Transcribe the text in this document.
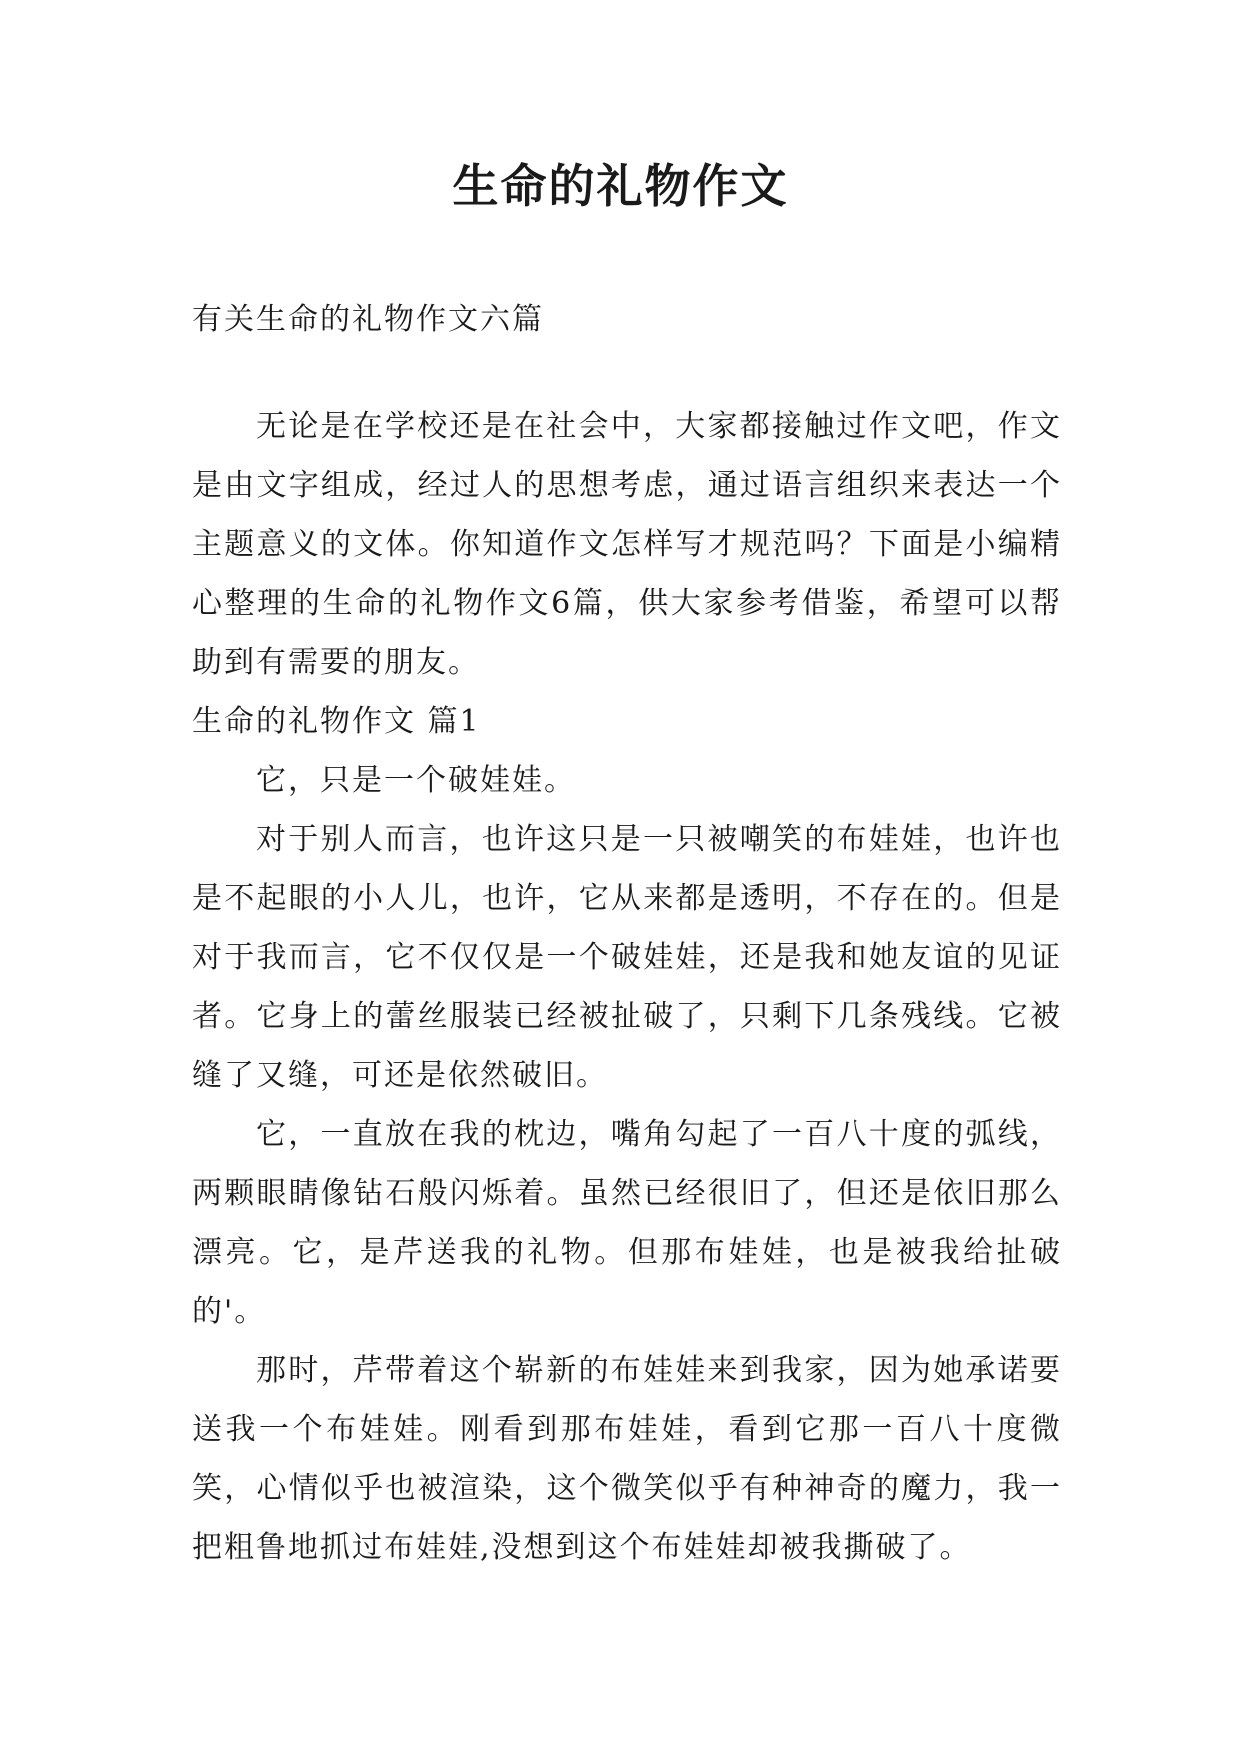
生命的礼物作文

有关生命的礼物作文六篇

无论是在学校还是在社会中，大家都接触过作文吧，作文是由文字组成，经过人的思想考虑，通过语言组织来表达一个主题意义的文体。你知道作文怎样写才规范吗？下面是小编精心整理的生命的礼物作文6篇，供大家参考借鉴，希望可以帮助到有需要的朋友。

生命的礼物作文 篇1

它，只是一个破娃娃。

对于别人而言，也许这只是一只被嘲笑的布娃娃，也许也是不起眼的小人儿，也许，它从来都是透明，不存在的。但是对于我而言，它不仅仅是一个破娃娃，还是我和她友谊的见证者。它身上的蕾丝服装已经被扯破了，只剩下几条残线。它被缝了又缝，可还是依然破旧。

它，一直放在我的枕边，嘴角勾起了一百八十度的弧线，两颗眼睛像钻石般闪烁着。虽然已经很旧了，但还是依旧那么漂亮。它，是芹送我的礼物。但那布娃娃，也是被我给扯破的'。

那时，芹带着这个崭新的布娃娃来到我家，因为她承诺要送我一个布娃娃。刚看到那布娃娃，看到它那一百八十度微笑，心情似乎也被渲染，这个微笑似乎有种神奇的魔力，我一把粗鲁地抓过布娃娃,没想到这个布娃娃却被我撕破了。
